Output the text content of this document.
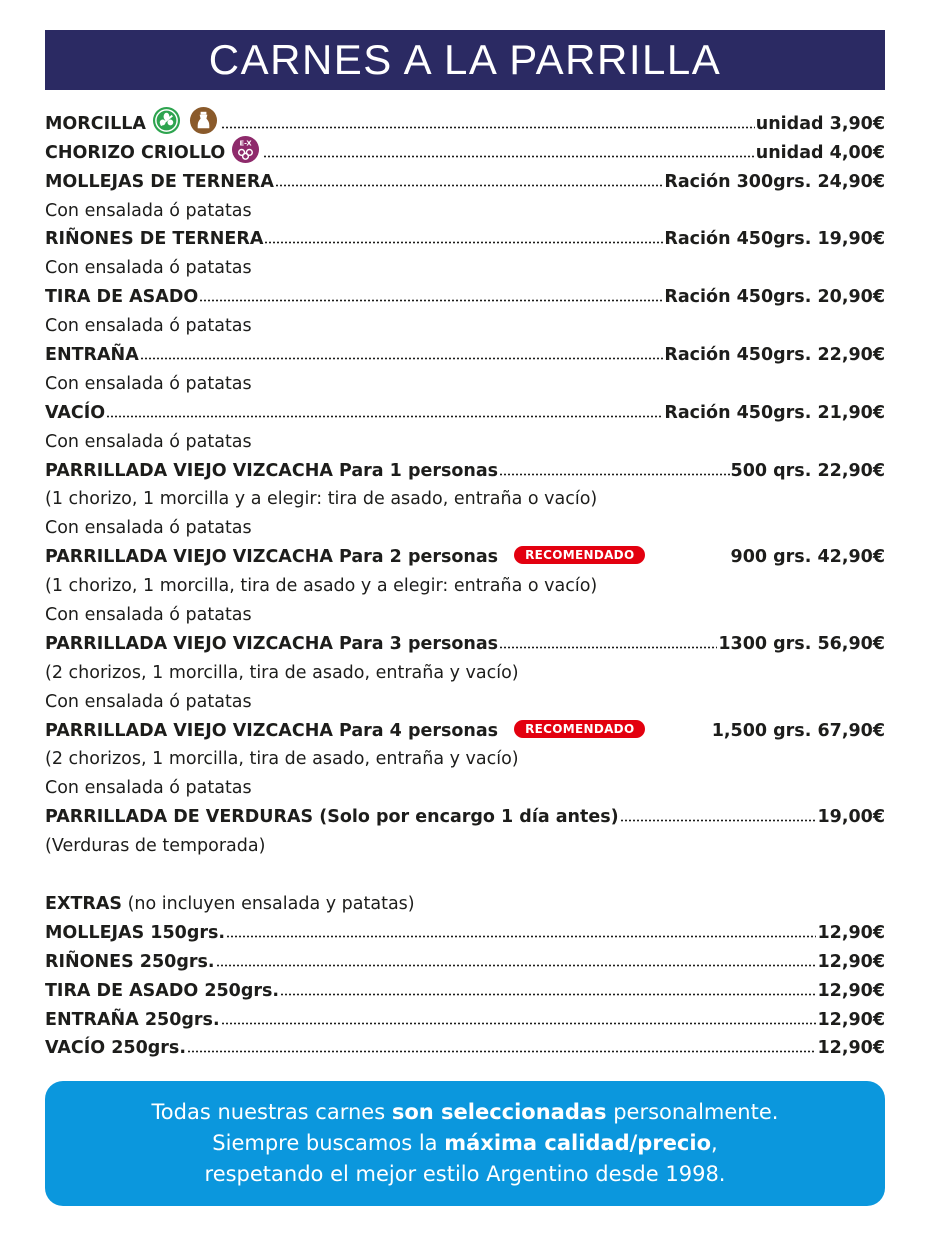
CARNES A LA PARRILLA
MORCILLA	unidad 3,90€
CHORIZO CRIOLLO E-X	unidad 4,00€
MOLLEJAS DE TERNERA	Ración 300grs. 24,90€
Con ensalada ó patatas
RIÑONES DE TERNERA	Ración 450grs. 19,90€
Con ensalada ó patatas
TIRA DE ASADO	Ración 450grs. 20,90€
Con ensalada ó patatas
ENTRAÑA	Ración 450grs. 22,90€
Con ensalada ó patatas
VACÍO	Ración 450grs. 21,90€
Con ensalada ó patatas
PARRILLADA VIEJO VIZCACHA Para 1 personas	500 qrs. 22,90€
(1 chorizo, 1 morcilla y a elegir: tira de asado, entraña o vacío)
Con ensalada ó patatas
PARRILLADA VIEJO VIZCACHA Para 2 personas	RECOMENDADO	900 grs. 42,90€
(1 chorizo, 1 morcilla, tira de asado y a elegir: entraña o vacío)
Con ensalada ó patatas
PARRILLADA VIEJO VIZCACHA Para 3 personas	1300 grs. 56,90€
(2 chorizos, 1 morcilla, tira de asado, entraña y vacío)
Con ensalada ó patatas
PARRILLADA VIEJO VIZCACHA Para 4 personas	RECOMENDADO	1,500 grs. 67,90€
(2 chorizos, 1 morcilla, tira de asado, entraña y vacío)
Con ensalada ó patatas
PARRILLADA DE VERDURAS (Solo por encargo 1 día antes)	19,00€
(Verduras de temporada)
EXTRAS (no incluyen ensalada y patatas)
MOLLEJAS 150grs.	12,90€
RIÑONES 250grs.	12,90€
TIRA DE ASADO 250grs.	12,90€
ENTRAÑA 250grs.	12,90€
VACÍO 250grs.	12,90€
Todas nuestras carnes son seleccionadas personalmente.
Siempre buscamos la máxima calidad/precio,
respetando el mejor estilo Argentino desde 1998.
